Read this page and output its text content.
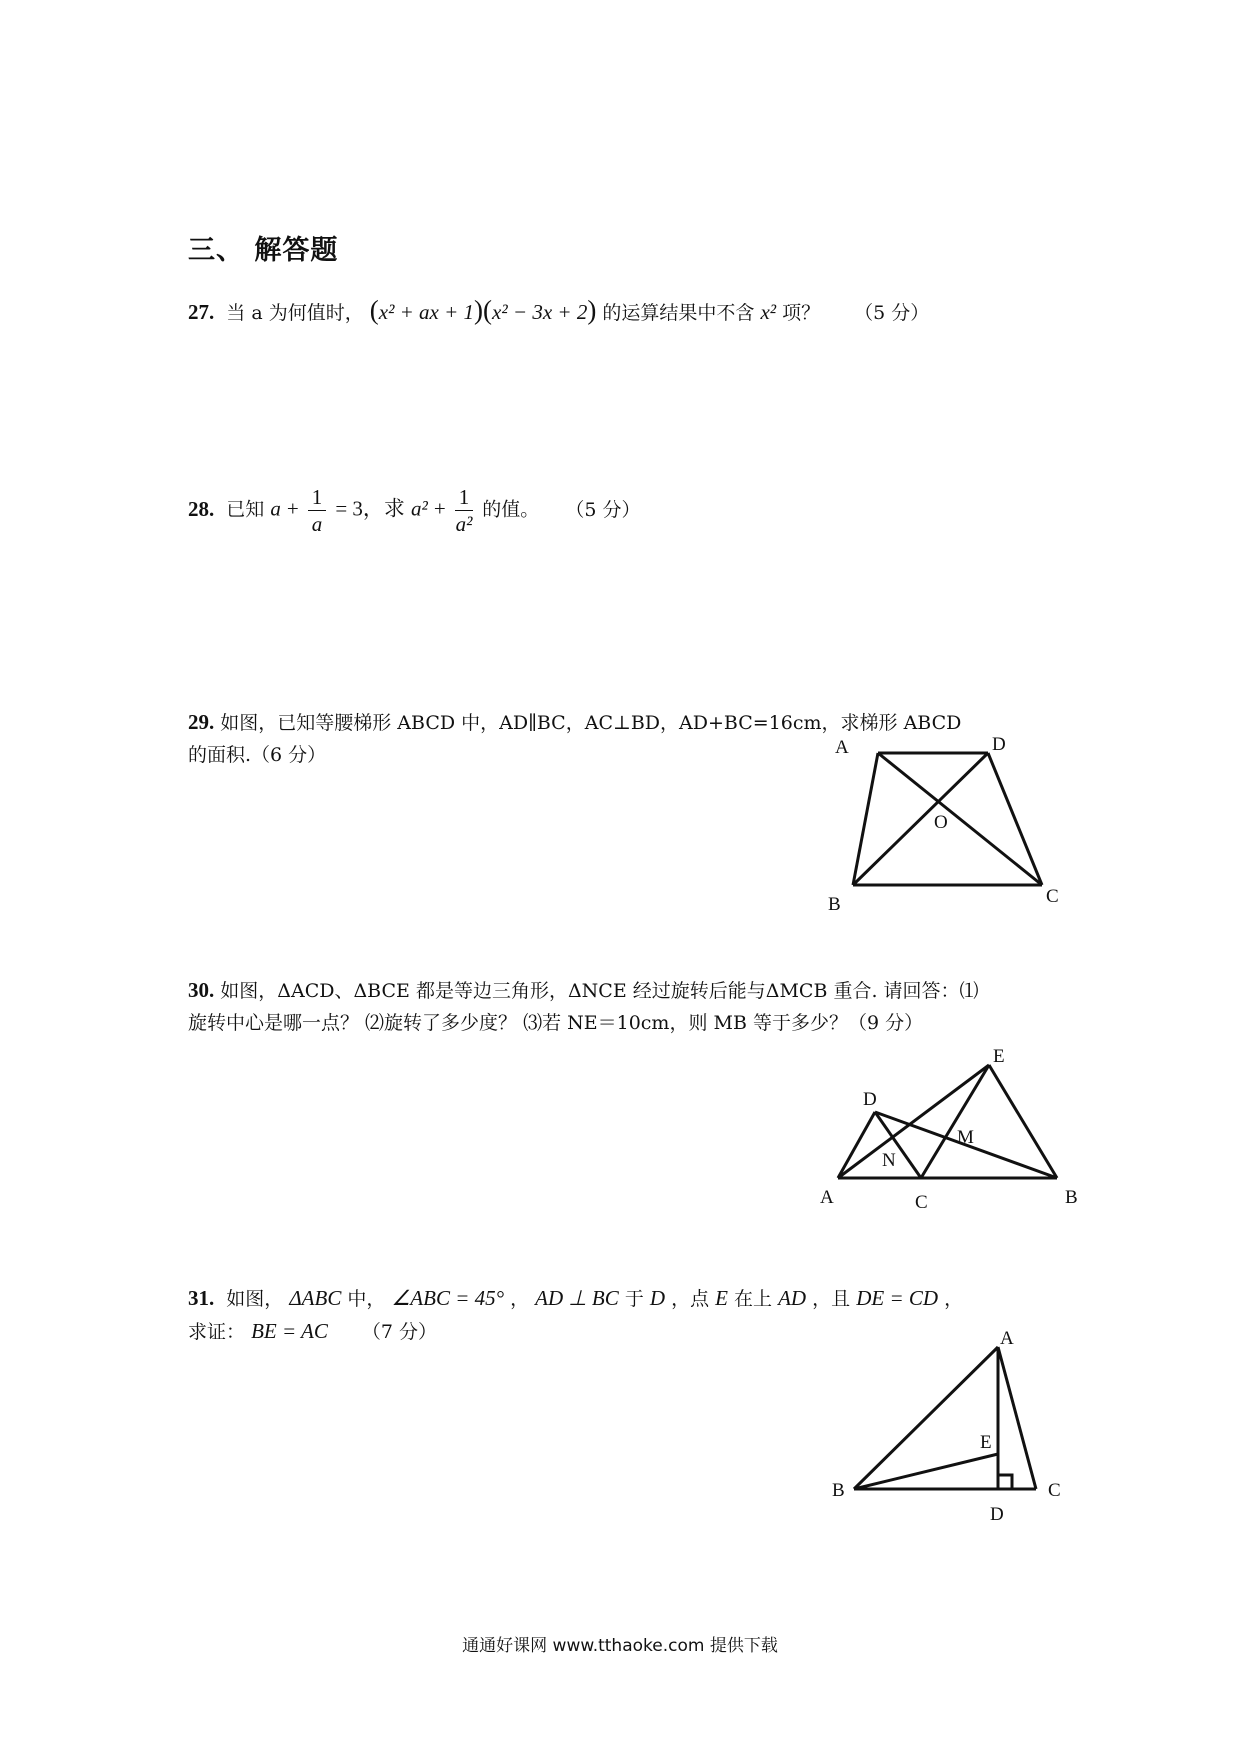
三、 解答题
27. 当 a 为何值时， (x² + ax + 1)(x² − 3x + 2) 的运算结果中不含 x² 项？ （5 分）
28. 已知 $a + \frac{1}{a} = 3$，求 $a^2 + \frac{1}{\text{a²}}$ 的值。 （5 分）
29. 如图，已知等腰梯形 ABCD 中，AD∥BC，AC⊥BD，AD+BC=16cm，求梯形 ABCD
的面积.（6 分）	A	D
O
B	C
30. 如图，ΔACD、ΔBCE 都是等边三角形，ΔNCE 经过旋转后能与ΔMCB 重合. 请回答：⑴
旋转中心是哪一点？ ⑵旋转了多少度？ ⑶若 NE＝10cm，则 MB 等于多少？（9 分）
E
D
M
N
A	C	B
31. 如图， ΔABC 中， ∠ABC = 45° ， AD ⊥ BC 于 D ，点 E 在上 AD ，且 DE = CD ，
求证： BE = AC （7 分）	A
E
B	C
D
通通好课网 www.tthaoke.com 提供下载
